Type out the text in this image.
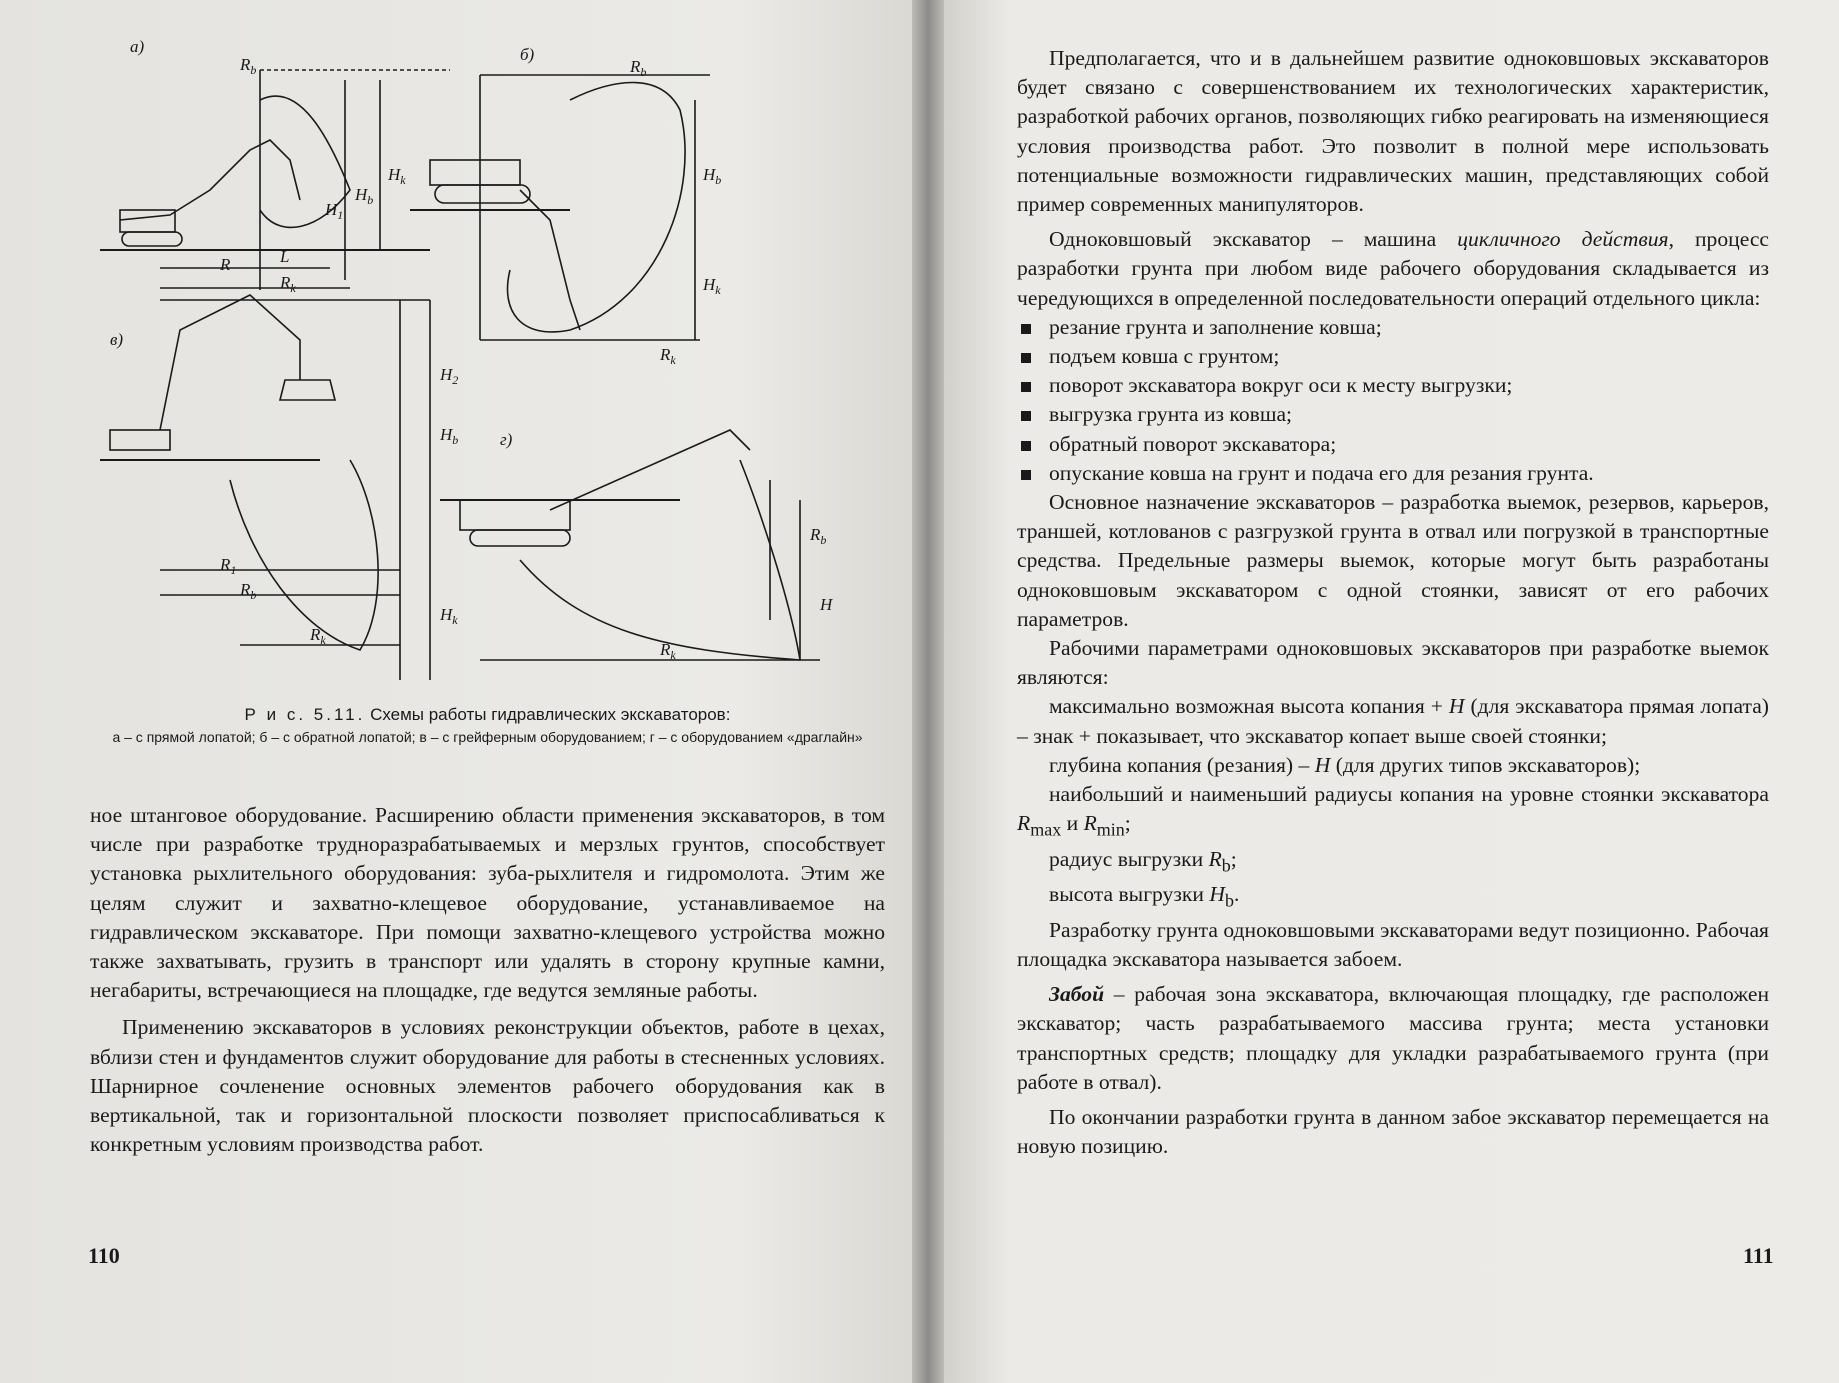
а)	б)
в)
г)
$R_b$
R	L
$R_k$
$H_1$
$H_b$
$H_k$
$R_b$
$H_b$
$H_k$
$R_k$
$H_2$
$H_b$
$H_k$
$R_1$
$R_b$
$R_k$
$R_b$
H
$R_k$
Р и с. 5.11. Схемы работы гидравлических экскаваторов:
а – с прямой лопатой; б – с обратной лопатой; в – с грейферным оборудованием; г – с оборудованием «драглайн»

ное штанговое оборудование. Расширению области применения экскаваторов, в том числе при разработке трудноразрабатываемых и мерзлых грунтов, способствует установка рыхлительного оборудования: зуба-рыхлителя и гидромолота. Этим же целям служит и захватно-клещевое оборудование, устанавливаемое на гидравлическом экскаваторе. При помощи захватно-клещевого устройства можно также захватывать, грузить в транспорт или удалять в сторону крупные камни, негабариты, встречающиеся на площадке, где ведутся земляные работы.

Применению экскаваторов в условиях реконструкции объектов, работе в цехах, вблизи стен и фундаментов служит оборудование для работы в стесненных условиях. Шарнирное сочленение основных элементов рабочего оборудования как в вертикальной, так и горизонтальной плоскости позволяет приспосабливаться к конкретным условиям производства работ.

110

Предполагается, что и в дальнейшем развитие одноковшовых экскаваторов будет связано с совершенствованием их технологических характеристик, разработкой рабочих органов, позволяющих гибко реагировать на изменяющиеся условия производства работ. Это позволит в полной мере использовать потенциальные возможности гидравлических машин, представляющих собой пример современных манипуляторов.

Одноковшовый экскаватор – машина цикличного действия, процесс разработки грунта при любом виде рабочего оборудования складывается из чередующихся в определенной последовательности операций отдельного цикла:

резание грунта и заполнение ковша;
подъем ковша с грунтом;
поворот экскаватора вокруг оси к месту выгрузки;
выгрузка грунта из ковша;
обратный поворот экскаватора;
опускание ковша на грунт и подача его для резания грунта.

Основное назначение экскаваторов – разработка выемок, резервов, карьеров, траншей, котлованов с разгрузкой грунта в отвал или погрузкой в транспортные средства. Предельные размеры выемок, которые могут быть разработаны одноковшовым экскаватором с одной стоянки, зависят от его рабочих параметров.

Рабочими параметрами одноковшовых экскаваторов при разработке выемок являются:

максимально возможная высота копания + H (для экскаватора прямая лопата) – знак + показывает, что экскаватор копает выше своей стоянки;

глубина копания (резания) – H (для других типов экскаваторов);

наибольший и наименьший радиусы копания на уровне стоянки экскаватора $R_{max}$ и $R_{min}$;

радиус выгрузки $R_b$;

высота выгрузки $H_b$.

Разработку грунта одноковшовыми экскаваторами ведут позиционно. Рабочая площадка экскаватора называется забоем.

Забой – рабочая зона экскаватора, включающая площадку, где расположен экскаватор; часть разрабатываемого массива грунта; места установки транспортных средств; площадку для укладки разрабатываемого грунта (при работе в отвал).

По окончании разработки грунта в данном забое экскаватор перемещается на новую позицию.

111
